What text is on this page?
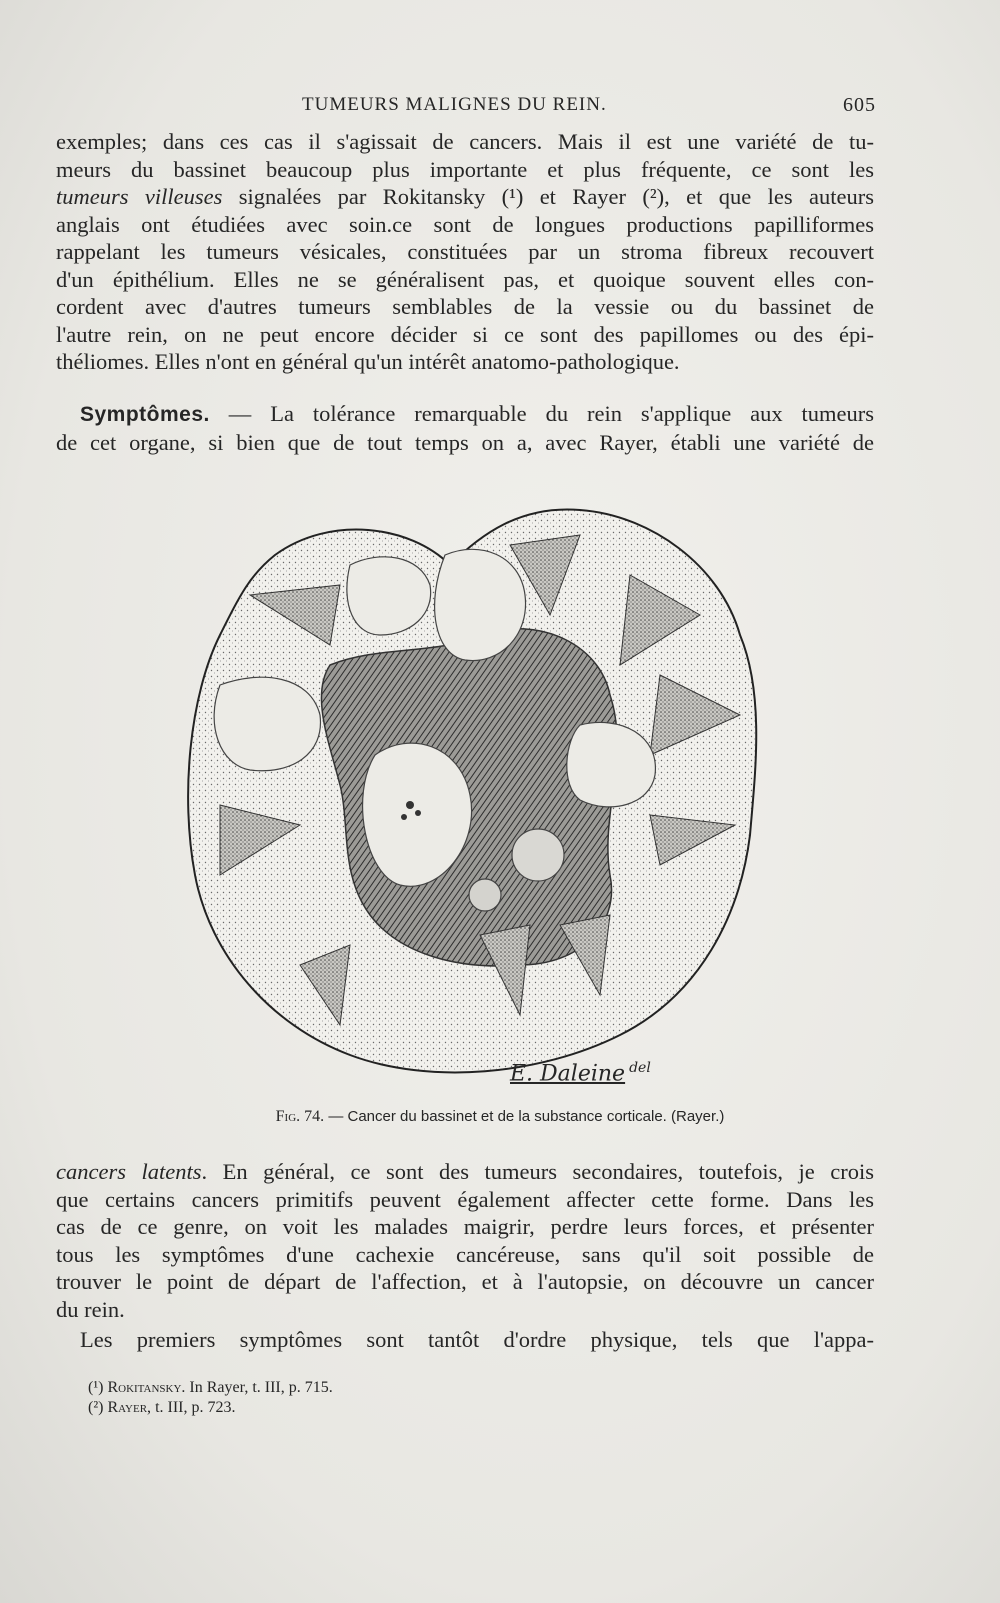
TUMEURS MALIGNES DU REIN.	605
exemples; dans ces cas il s'agissait de cancers. Mais il est une variété de tu-
meurs du bassinet beaucoup plus importante et plus fréquente, ce sont les
tumeurs villeuses signalées par Rokitansky (¹) et Rayer (²), et que les auteurs
anglais ont étudiées avec soin.ce sont de longues productions papilliformes
rappelant les tumeurs vésicales, constituées par un stroma fibreux recouvert
d'un épithélium. Elles ne se généralisent pas, et quoique souvent elles con-
cordent avec d'autres tumeurs semblables de la vessie ou du bassinet de
l'autre rein, on ne peut encore décider si ce sont des papillomes ou des épi-
théliomes. Elles n'ont en général qu'un intérêt anatomo-pathologique.
Symptômes. — La tolérance remarquable du rein s'applique aux tumeurs
de cet organe, si bien que de tout temps on a, avec Rayer, établi une variété de
E. Daleine $^{del}$
Fig. 74. — Cancer du bassinet et de la substance corticale. (Rayer.)
cancers latents. En général, ce sont des tumeurs secondaires, toutefois, je crois
que certains cancers primitifs peuvent également affecter cette forme. Dans les
cas de ce genre, on voit les malades maigrir, perdre leurs forces, et présenter
tous les symptômes d'une cachexie cancéreuse, sans qu'il soit possible de
trouver le point de départ de l'affection, et à l'autopsie, on découvre un cancer
du rein.
Les premiers symptômes sont tantôt d'ordre physique, tels que l'appa-
(¹) Rokitansky. In Rayer, t. III, p. 715.
(²) Rayer, t. III, p. 723.
